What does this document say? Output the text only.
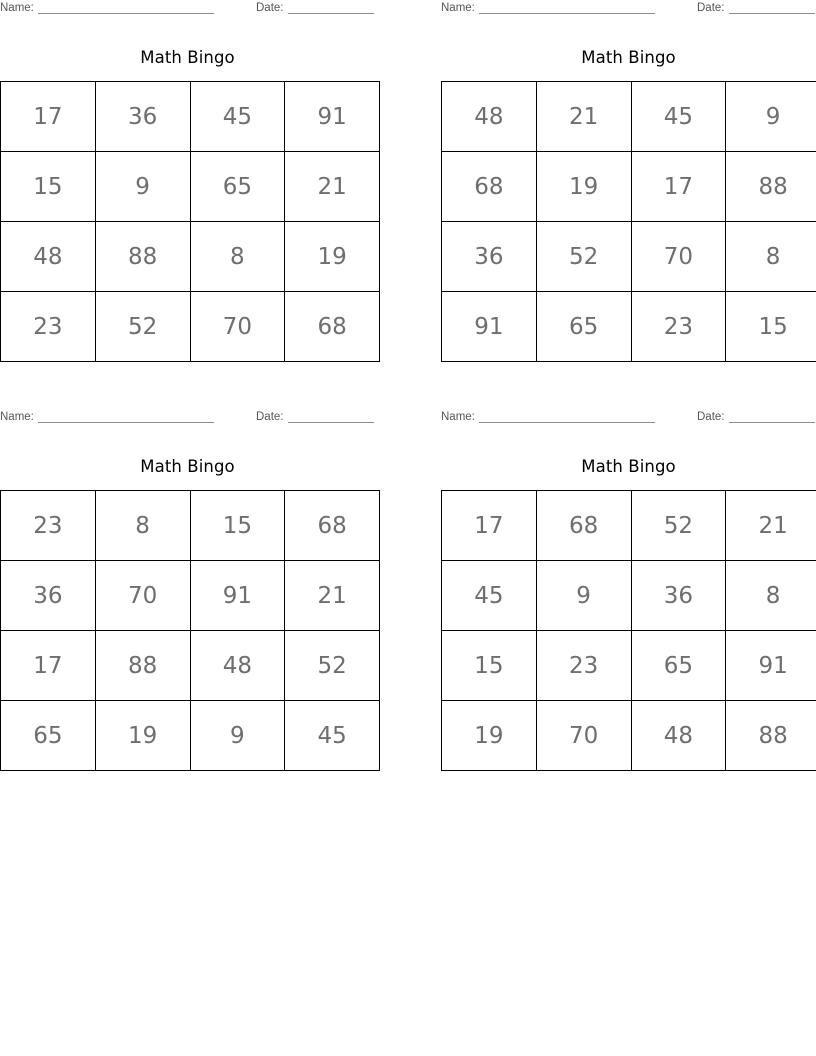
Name:	Date:
Math Bingo
17	36	45	91
15	9	65	21
48	88	8	19
23	52	70	68
Name:	Date:
Math Bingo
48	21	45	9
68	19	17	88
36	52	70	8
91	65	23	15
Name:	Date:
Math Bingo
23	8	15	68
36	70	91	21
17	88	48	52
65	19	9	45
Name:	Date:
Math Bingo
17	68	52	21
45	9	36	8
15	23	65	91
19	70	48	88
